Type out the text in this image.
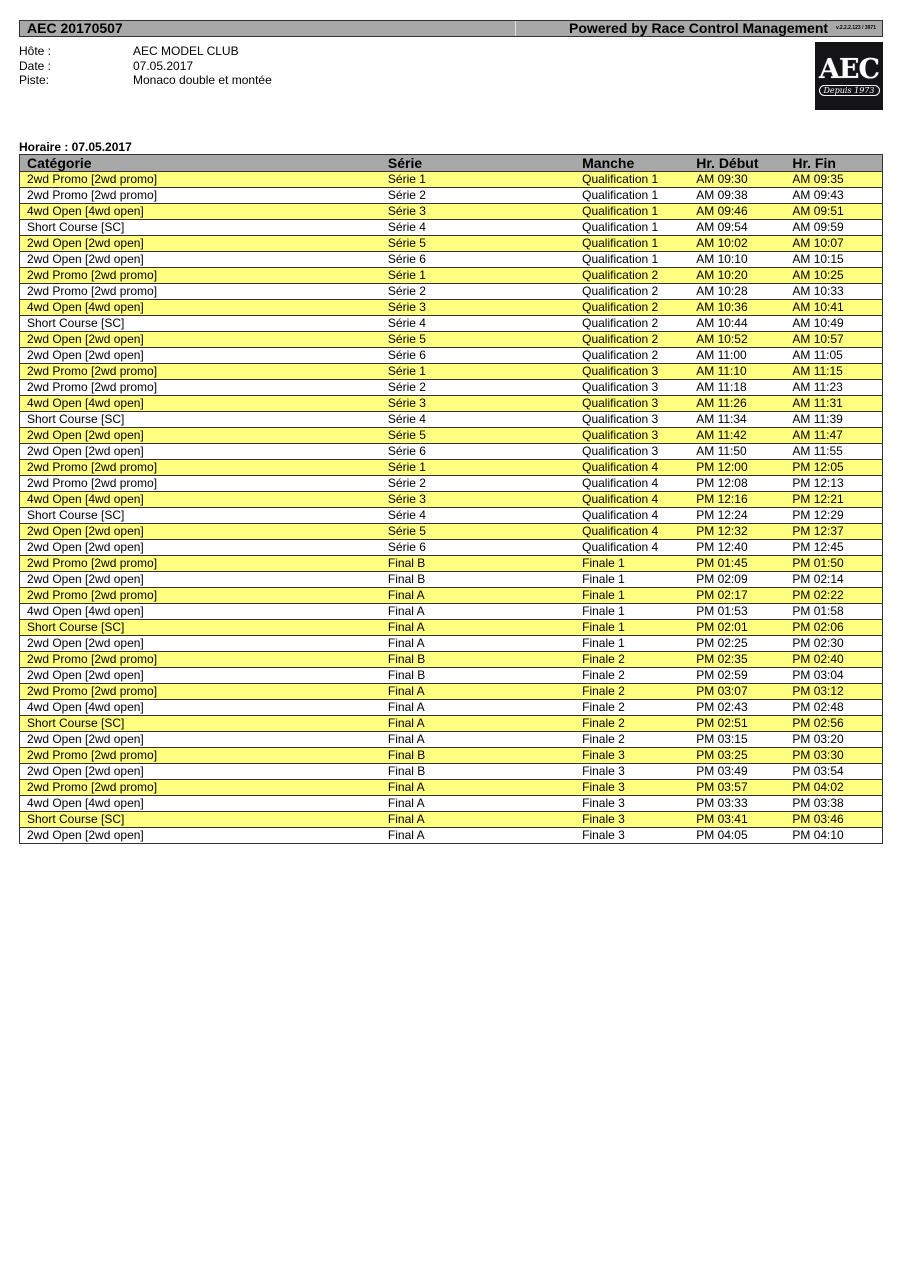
AEC 20170507	Powered by Race Control Management v.2.2.2.123 / 3971
Hôte :	AEC MODEL CLUB
Date :	07.05.2017
Piste:	Monaco double et montée	AEC
Depuis 1973
Horaire : 07.05.2017
Catégorie	Série	Manche	Hr. Début	Hr. Fin
2wd Promo [2wd promo]	Série 1	Qualification 1	AM 09:30	AM 09:35
2wd Promo [2wd promo]	Série 2	Qualification 1	AM 09:38	AM 09:43
4wd Open [4wd open]	Série 3	Qualification 1	AM 09:46	AM 09:51
Short Course [SC]	Série 4	Qualification 1	AM 09:54	AM 09:59
2wd Open [2wd open]	Série 5	Qualification 1	AM 10:02	AM 10:07
2wd Open [2wd open]	Série 6	Qualification 1	AM 10:10	AM 10:15
2wd Promo [2wd promo]	Série 1	Qualification 2	AM 10:20	AM 10:25
2wd Promo [2wd promo]	Série 2	Qualification 2	AM 10:28	AM 10:33
4wd Open [4wd open]	Série 3	Qualification 2	AM 10:36	AM 10:41
Short Course [SC]	Série 4	Qualification 2	AM 10:44	AM 10:49
2wd Open [2wd open]	Série 5	Qualification 2	AM 10:52	AM 10:57
2wd Open [2wd open]	Série 6	Qualification 2	AM 11:00	AM 11:05
2wd Promo [2wd promo]	Série 1	Qualification 3	AM 11:10	AM 11:15
2wd Promo [2wd promo]	Série 2	Qualification 3	AM 11:18	AM 11:23
4wd Open [4wd open]	Série 3	Qualification 3	AM 11:26	AM 11:31
Short Course [SC]	Série 4	Qualification 3	AM 11:34	AM 11:39
2wd Open [2wd open]	Série 5	Qualification 3	AM 11:42	AM 11:47
2wd Open [2wd open]	Série 6	Qualification 3	AM 11:50	AM 11:55
2wd Promo [2wd promo]	Série 1	Qualification 4	PM 12:00	PM 12:05
2wd Promo [2wd promo]	Série 2	Qualification 4	PM 12:08	PM 12:13
4wd Open [4wd open]	Série 3	Qualification 4	PM 12:16	PM 12:21
Short Course [SC]	Série 4	Qualification 4	PM 12:24	PM 12:29
2wd Open [2wd open]	Série 5	Qualification 4	PM 12:32	PM 12:37
2wd Open [2wd open]	Série 6	Qualification 4	PM 12:40	PM 12:45
2wd Promo [2wd promo]	Final B	Finale 1	PM 01:45	PM 01:50
2wd Open [2wd open]	Final B	Finale 1	PM 02:09	PM 02:14
2wd Promo [2wd promo]	Final A	Finale 1	PM 02:17	PM 02:22
4wd Open [4wd open]	Final A	Finale 1	PM 01:53	PM 01:58
Short Course [SC]	Final A	Finale 1	PM 02:01	PM 02:06
2wd Open [2wd open]	Final A	Finale 1	PM 02:25	PM 02:30
2wd Promo [2wd promo]	Final B	Finale 2	PM 02:35	PM 02:40
2wd Open [2wd open]	Final B	Finale 2	PM 02:59	PM 03:04
2wd Promo [2wd promo]	Final A	Finale 2	PM 03:07	PM 03:12
4wd Open [4wd open]	Final A	Finale 2	PM 02:43	PM 02:48
Short Course [SC]	Final A	Finale 2	PM 02:51	PM 02:56
2wd Open [2wd open]	Final A	Finale 2	PM 03:15	PM 03:20
2wd Promo [2wd promo]	Final B	Finale 3	PM 03:25	PM 03:30
2wd Open [2wd open]	Final B	Finale 3	PM 03:49	PM 03:54
2wd Promo [2wd promo]	Final A	Finale 3	PM 03:57	PM 04:02
4wd Open [4wd open]	Final A	Finale 3	PM 03:33	PM 03:38
Short Course [SC]	Final A	Finale 3	PM 03:41	PM 03:46
2wd Open [2wd open]	Final A	Finale 3	PM 04:05	PM 04:10
